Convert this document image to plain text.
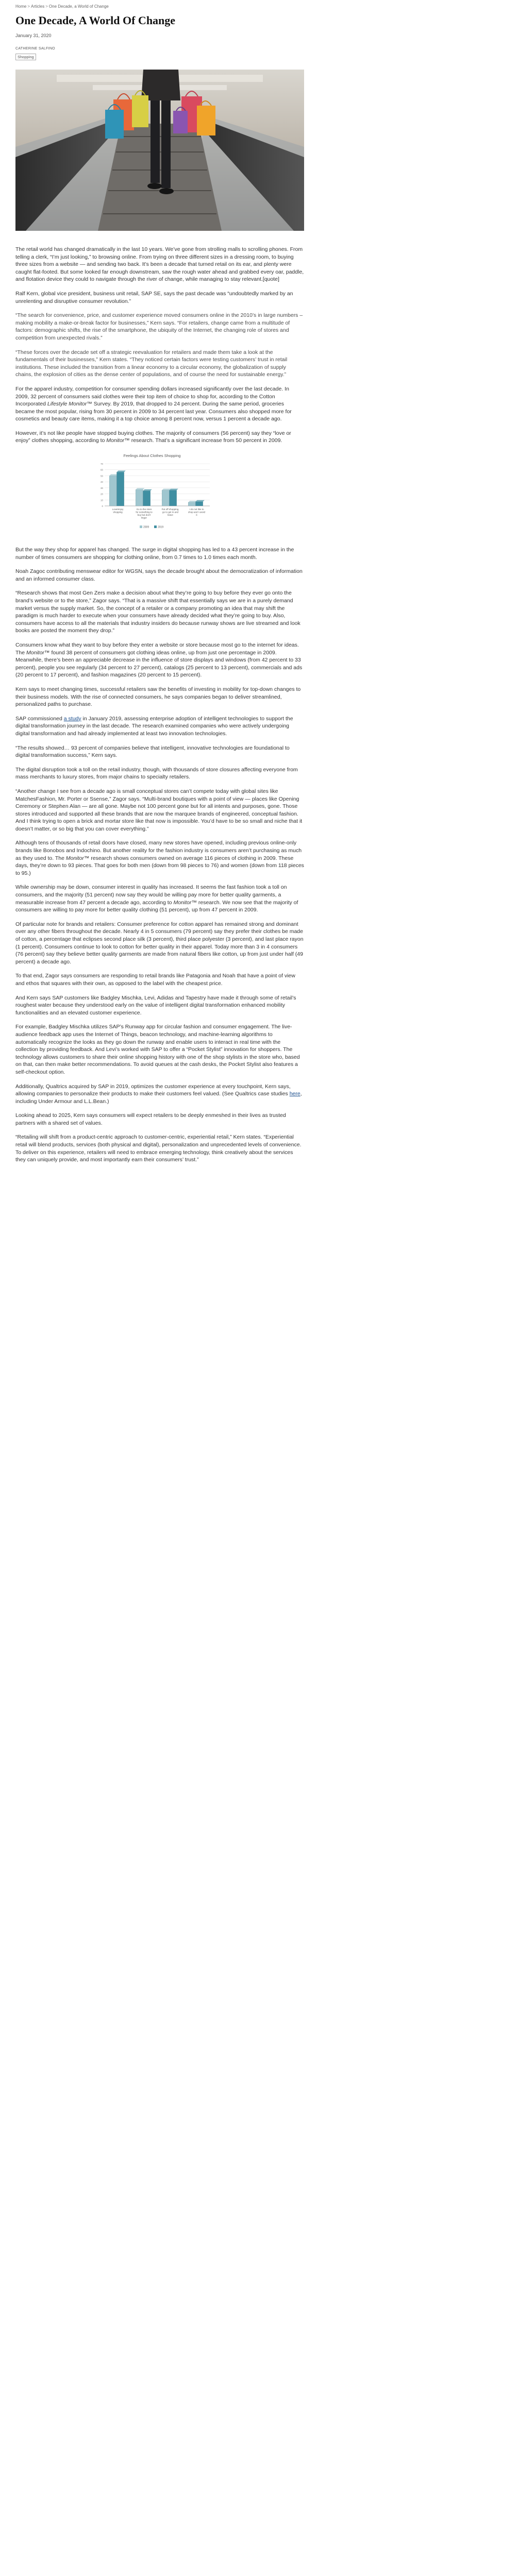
Home > Articles > One Decade, a World of Change
One Decade, A World Of Change
January 31, 2020
CATHERINE SALFINO
Shopping

The retail world has changed dramatically in the last 10 years. We’ve gone from strolling malls to scrolling phones. From telling a clerk, “I’m just looking,” to browsing online. From trying on three different sizes in a dressing room, to buying three sizes from a website — and sending two back. It’s been a decade that turned retail on its ear, and plenty were caught flat-footed. But some looked far enough downstream, saw the rough water ahead and grabbed every oar, paddle, and flotation device they could to navigate through the river of change, while managing to stay relevant.[quote]

Ralf Kern, global vice president, business unit retail, SAP SE, says the past decade was “undoubtedly marked by an unrelenting and disruptive consumer revolution.”

“The search for convenience, price, and customer experience moved consumers online in the 2010’s in large numbers – making mobility a make-or-break factor for businesses,” Kern says. “For retailers, change came from a multitude of factors: demographic shifts, the rise of the smartphone, the ubiquity of the Internet, the changing role of stores and competition from unexpected rivals.”

“These forces over the decade set off a strategic reevaluation for retailers and made them take a look at the fundamentals of their businesses,” Kern states. “They noticed certain factors were testing customers’ trust in retail institutions. These included the transition from a linear economy to a circular economy, the globalization of supply chains, the explosion of cities as the dense center of populations, and of course the need for sustainable energy.”

For the apparel industry, competition for consumer spending dollars increased significantly over the last decade. In 2009, 32 percent of consumers said clothes were their top item of choice to shop for, according to the Cotton Incorporated Lifestyle Monitor™ Survey. By 2019, that dropped to 24 percent. During the same period, groceries became the most popular, rising from 30 percent in 2009 to 34 percent last year. Consumers also shopped more for cosmetics and beauty care items, making it a top choice among 8 percent now, versus 1 percent a decade ago.

However, it’s not like people have stopped buying clothes. The majority of consumers (56 percent) say they “love or enjoy” clothes shopping, according to Monitor™ research. That’s a significant increase from 50 percent in 2009.

Feelings About Clothes Shopping
0
10
20
30
40
50
60
70
Love/enjoy shopping
Go to the store for something to buy but don't linger
Put off shopping, go to get in and leave
I do not like to shop and I avoid it
2009	2019

But the way they shop for apparel has changed. The surge in digital shopping has led to a 43 percent increase in the number of times consumers are shopping for clothing online, from 0.7 times to 1.0 times each month.

Noah Zagoc contributing menswear editor for WGSN, says the decade brought about the democratization of information and an informed consumer class.

“Research shows that most Gen Zers make a decision about what they’re going to buy before they ever go onto the brand’s website or to the store,” Zagor says. “That is a massive shift that essentially says we are in a purely demand market versus the supply market. So, the concept of a retailer or a company promoting an idea that may shift the paradigm is much harder to execute when your consumers have already decided what they’re going to buy. Also, consumers have access to all the materials that industry insiders do because runway shows are live streamed and look books are posted the moment they drop.”

Consumers know what they want to buy before they enter a website or store because most go to the internet for ideas. The Monitor™ found 38 percent of consumers got clothing ideas online, up from just one percentage in 2009. Meanwhile, there’s been an appreciable decrease in the influence of store displays and windows (from 42 percent to 33 percent), people you see regularly (34 percent to 27 percent), catalogs (25 percent to 13 percent), commercials and ads (20 percent to 17 percent), and fashion magazines (20 percent to 15 percent).

Kern says to meet changing times, successful retailers saw the benefits of investing in mobility for top-down changes to their business models. With the rise of connected consumers, he says companies began to deliver streamlined, personalized paths to purchase.

SAP commissioned a study in January 2019, assessing enterprise adoption of intelligent technologies to support the digital transformation journey in the last decade. The research examined companies who were actively undergoing digital transformation and had already implemented at least two innovation technologies.

“The results showed… 93 percent of companies believe that intelligent, innovative technologies are foundational to digital transformation success,” Kern says.

The digital disruption took a toll on the retail industry, though, with thousands of store closures affecting everyone from mass merchants to luxury stores, from major chains to specialty retailers.

“Another change I see from a decade ago is small conceptual stores can’t compete today with global sites like MatchesFashion, Mr. Porter or Ssense,” Zagor says. “Multi-brand boutiques with a point of view — places like Opening Ceremony or Stephen Alan — are all gone. Maybe not 100 percent gone but for all intents and purposes, gone. Those stores introduced and supported all these brands that are now the marquee brands of engineered, conceptual fashion. And I think trying to open a brick and mortar store like that now is impossible. You’d have to be so small and niche that it doesn’t matter, or so big that you can cover everything.”

Although tens of thousands of retail doors have closed, many new stores have opened, including previous online-only brands like Bonobos and Indochino. But another reality for the fashion industry is consumers aren’t purchasing as much as they used to. The Monitor™ research shows consumers owned on average 116 pieces of clothing in 2009. These days, they’re down to 93 pieces. That goes for both men (down from 98 pieces to 76) and women (down from 118 pieces to 95.)

While ownership may be down, consumer interest in quality has increased. It seems the fast fashion took a toll on consumers, and the majority (51 percent) now say they would be willing pay more for better quality garments, a measurable increase from 47 percent a decade ago, according to Monitor™ research. We now see that the majority of consumers are willing to pay more for better quality clothing (51 percent), up from 47 percent in 2009.

Of particular note for brands and retailers: Consumer preference for cotton apparel has remained strong and dominant over any other fibers throughout the decade. Nearly 4 in 5 consumers (79 percent) say they prefer their clothes be made of cotton, a percentage that eclipses second place silk (3 percent), third place polyester (3 percent), and last place rayon (1 percent). Consumers continue to look to cotton for better quality in their apparel. Today more than 3 in 4 consumers (76 percent) say they believe better quality garments are made from natural fibers like cotton, up from just under half (49 percent) a decade ago.

To that end, Zagor says consumers are responding to retail brands like Patagonia and Noah that have a point of view and ethos that squares with their own, as opposed to the label with the cheapest price.

And Kern says SAP customers like Badgley Mischka, Levi, Adidas and Tapestry have made it through some of retail’s roughest water because they understood early on the value of intelligent digital transformation enhanced mobility functionalities and an elevated customer experience.

For example, Badgley Mischka utilizes SAP’s Runway app for circular fashion and consumer engagement. The live-audience feedback app uses the Internet of Things, beacon technology, and machine-learning algorithms to automatically recognize the looks as they go down the runway and enable users to interact in real time with the collection by providing feedback. And Levi’s worked with SAP to offer a “Pocket Stylist” innovation for shoppers. The technology allows customers to share their online shopping history with one of the shop stylists in the store who, based on that, can then make better recommendations. To avoid queues at the cash desks, the Pocket Stylist also features a self-checkout option.

Additionally, Qualtrics acquired by SAP in 2019, optimizes the customer experience at every touchpoint, Kern says, allowing companies to personalize their products to make their customers feel valued. (See Qualtrics case studies here, including Under Armour and L.L.Bean.)

Looking ahead to 2025, Kern says consumers will expect retailers to be deeply enmeshed in their lives as trusted partners with a shared set of values.

“Retailing will shift from a product-centric approach to customer-centric, experiential retail,” Kern states. “Experiential retail will blend products, services (both physical and digital), personalization and unprecedented levels of convenience. To deliver on this experience, retailers will need to embrace emerging technology, think creatively about the services they can uniquely provide, and most importantly earn their consumers’ trust.”
